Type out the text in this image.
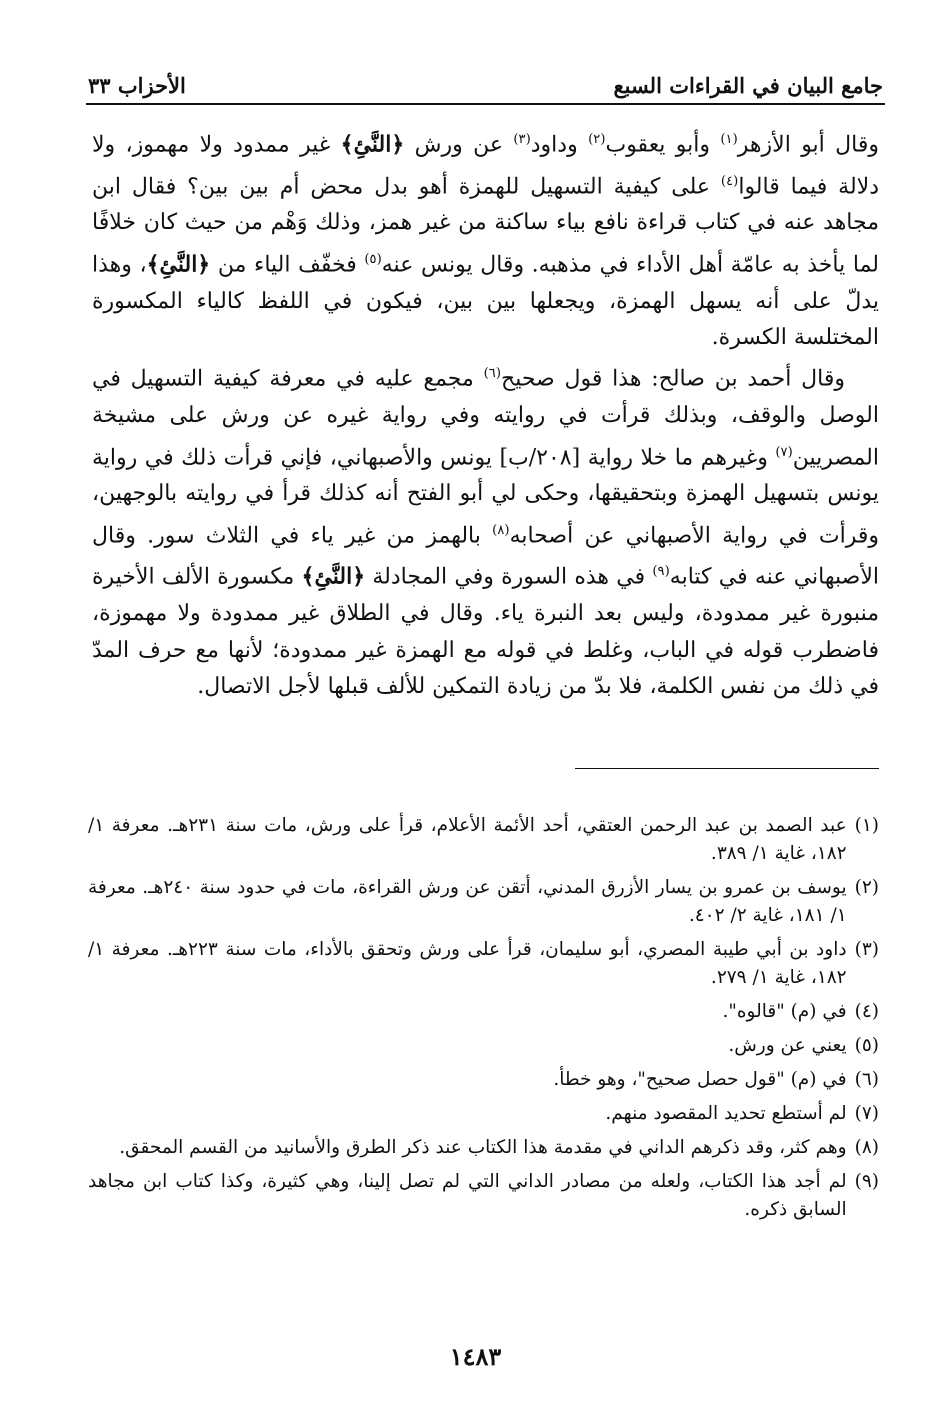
جامع البيان في القراءات السبع
الأحزاب ٣٣

وقال أبو الأزهر$^{(١)}$ وأبو يعقوب$^{(٢)}$ وداود$^{(٣)}$ عن ورش ﴿النَّئِ﴾ غير ممدود ولا مهموز، ولا دلالة فيما قالوا$^{(٤)}$ على كيفية التسهيل للهمزة أهو بدل محض أم بين بين؟ فقال ابن مجاهد عنه في كتاب قراءة نافع بياء ساكنة من غير همز، وذلك وَهْم من حيث كان خلافًا لما يأخذ به عامّة أهل الأداء في مذهبه. وقال يونس عنه$^{(٥)}$ فخفّف الياء من ﴿النَّئِ﴾، وهذا يدلّ على أنه يسهل الهمزة، ويجعلها بين بين، فيكون في اللفظ كالياء المكسورة المختلسة الكسرة.

وقال أحمد بن صالح: هذا قول صحيح$^{(٦)}$ مجمع عليه في معرفة كيفية التسهيل في الوصل والوقف، وبذلك قرأت في روايته وفي رواية غيره عن ورش على مشيخة المصريين$^{(٧)}$ وغيرهم ما خلا رواية [٢٠٨/ب] يونس والأصبهاني، فإني قرأت ذلك في رواية يونس بتسهيل الهمزة وبتحقيقها، وحكى لي أبو الفتح أنه كذلك قرأ في روايته بالوجهين، وقرأت في رواية الأصبهاني عن أصحابه$^{(٨)}$ بالهمز من غير ياء في الثلاث سور. وقال الأصبهاني عنه في كتابه$^{(٩)}$ في هذه السورة وفي المجادلة ﴿النَّئِ﴾ مكسورة الألف الأخيرة منبورة غير ممدودة، وليس بعد النبرة ياء. وقال في الطلاق غير ممدودة ولا مهموزة، فاضطرب قوله في الباب، وغلط في قوله مع الهمزة غير ممدودة؛ لأنها مع حرف المدّ في ذلك من نفس الكلمة، فلا بدّ من زيادة التمكين للألف قبلها لأجل الاتصال.

(١)
عبد الصمد بن عبد الرحمن العتقي، أحد الأئمة الأعلام، قرأ على ورش، مات سنة ٢٣١هـ. معرفة ١/ ١٨٢، غاية ١/ ٣٨٩.
(٢)
يوسف بن عمرو بن يسار الأزرق المدني، أتقن عن ورش القراءة، مات في حدود سنة ٢٤٠هـ. معرفة ١/ ١٨١، غاية ٢/ ٤٠٢.
(٣)
داود بن أبي طيبة المصري، أبو سليمان، قرأ على ورش وتحقق بالأداء، مات سنة ٢٢٣هـ. معرفة ١/ ١٨٢، غاية ١/ ٢٧٩.
(٤)
في (م) "قالوه".
(٥)
يعني عن ورش.
(٦)
في (م) "قول حصل صحيح"، وهو خطأ.
(٧)
لم أستطع تحديد المقصود منهم.
(٨)
وهم كثر، وقد ذكرهم الداني في مقدمة هذا الكتاب عند ذكر الطرق والأسانيد من القسم المحقق.
(٩)
لم أجد هذا الكتاب، ولعله من مصادر الداني التي لم تصل إلينا، وهي كثيرة، وكذا كتاب ابن مجاهد السابق ذكره.
١٤٨٣
